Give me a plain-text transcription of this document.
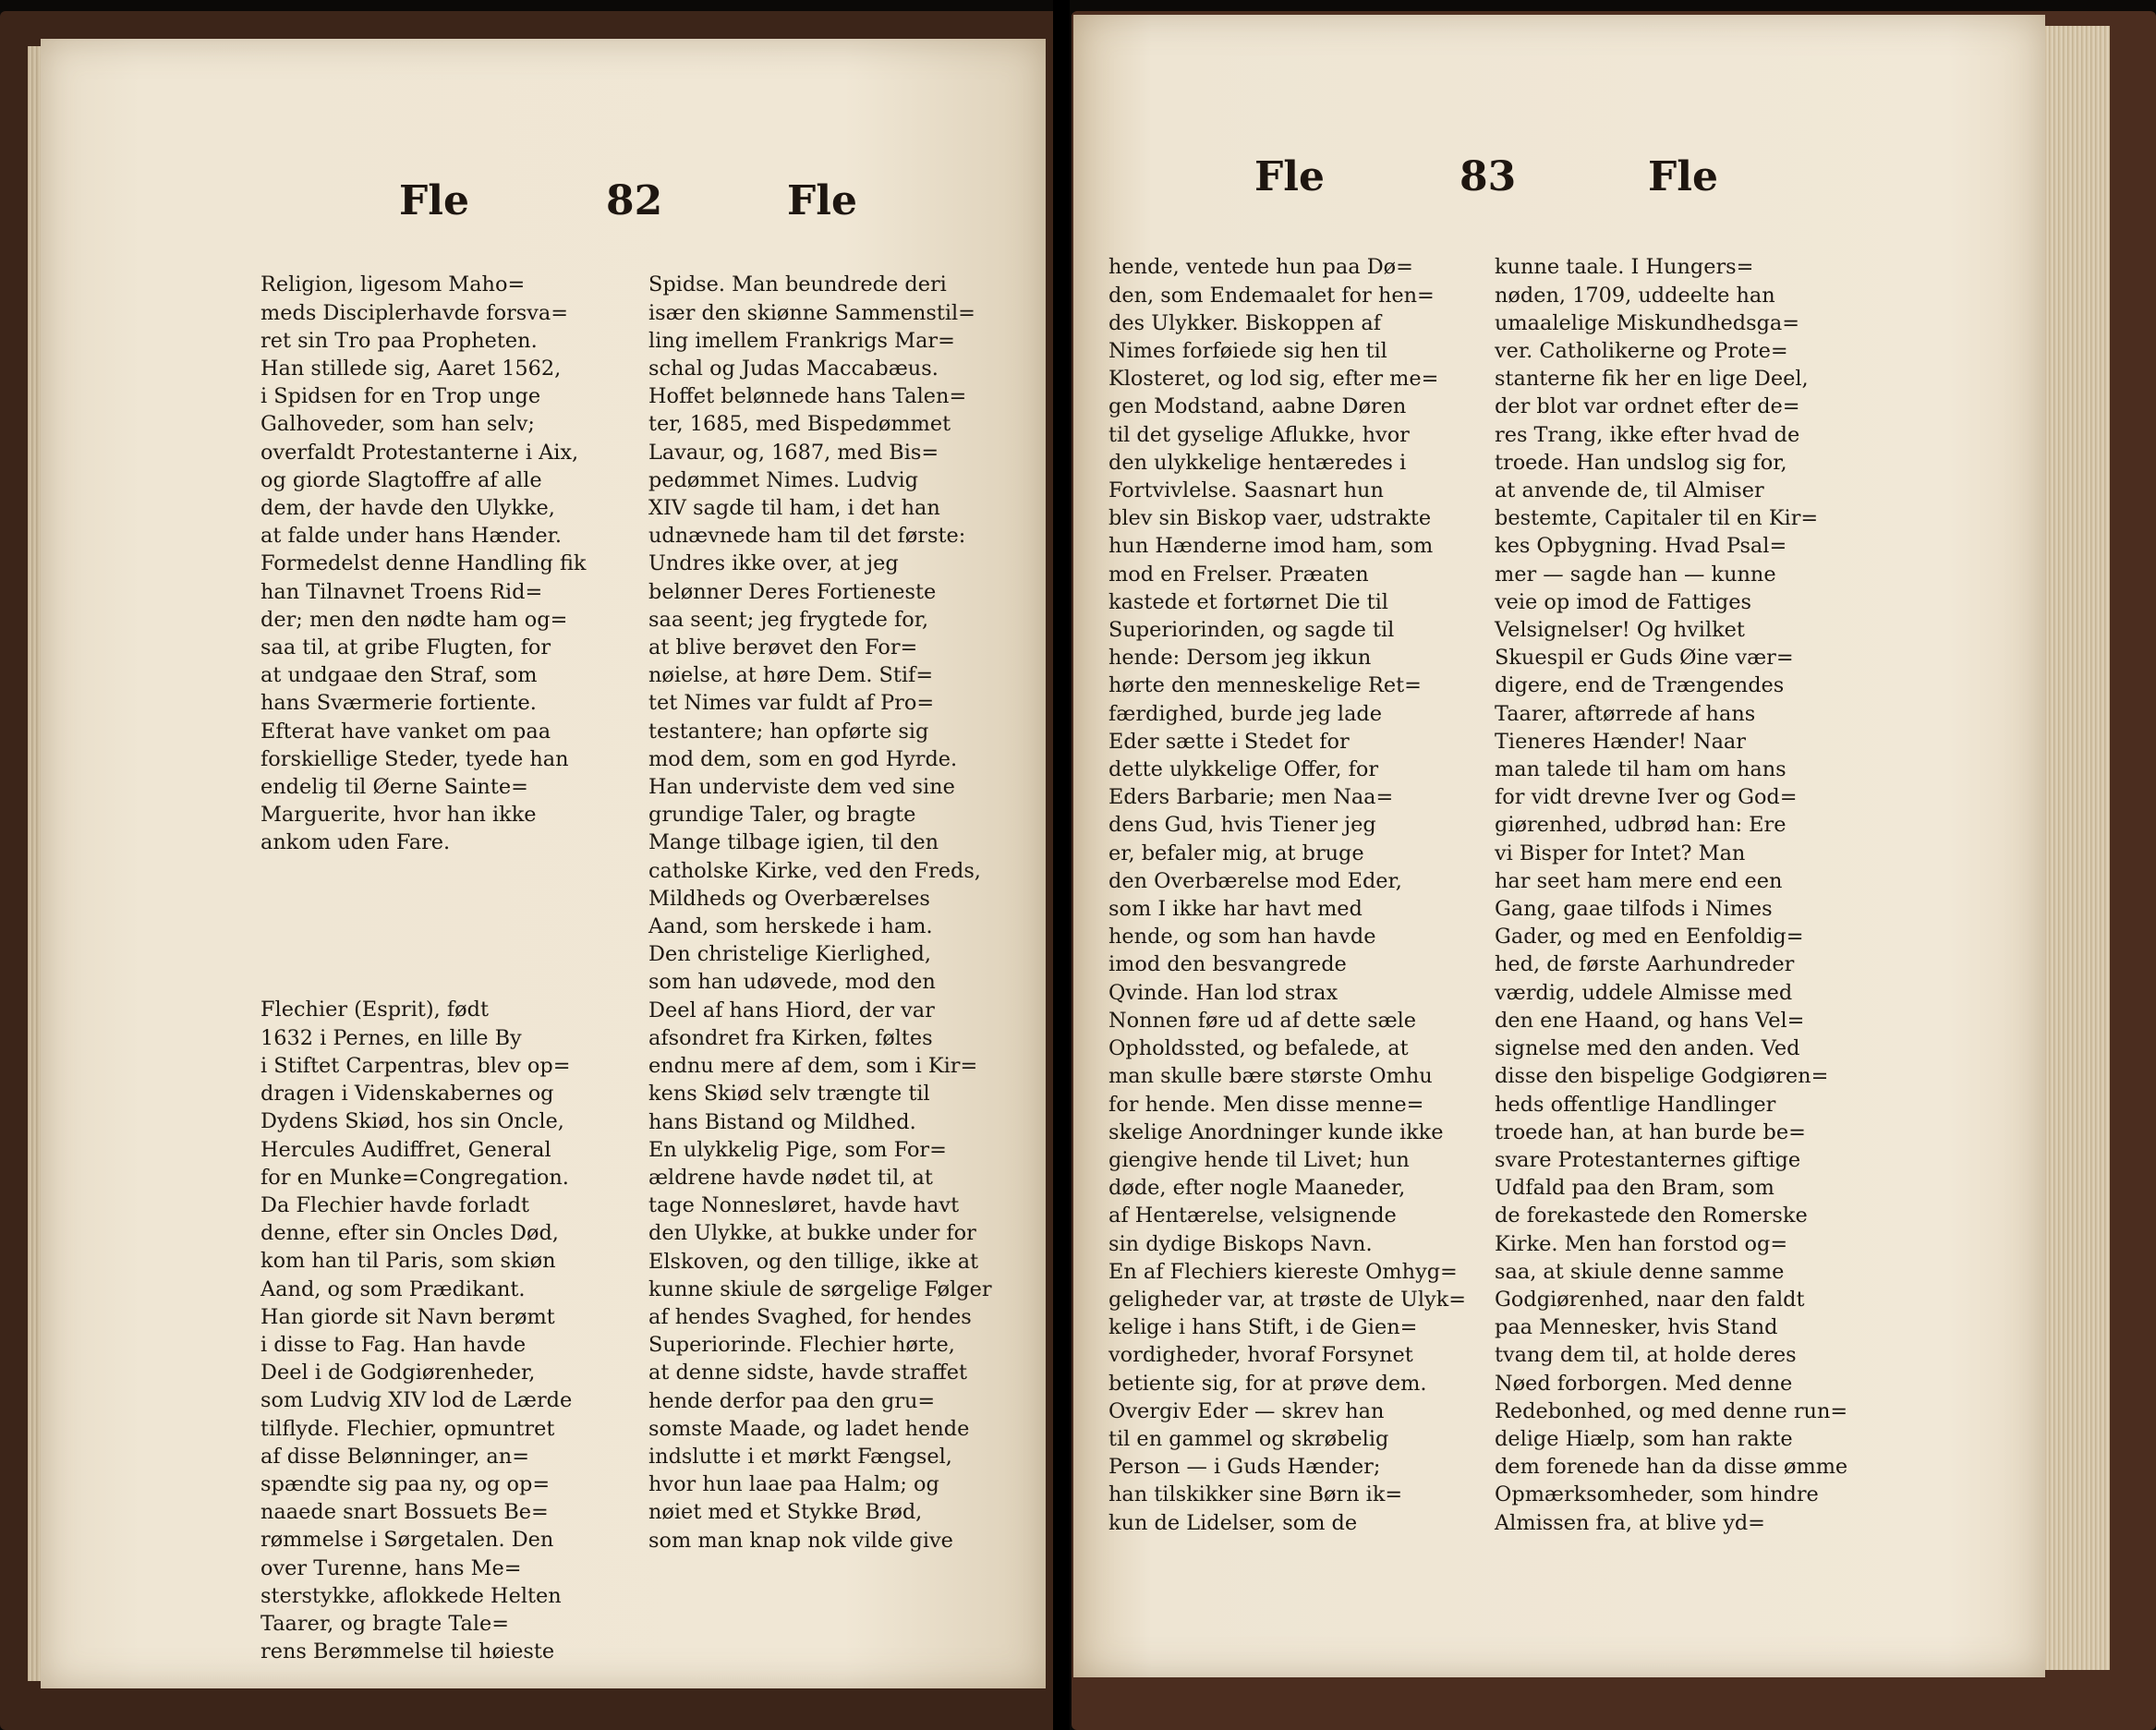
Fle	82	Fle

Religion, ligesom Maho=
meds Disciplerhavde forsva=
ret sin Tro paa Propheten.
Han stillede sig, Aaret 1562,
i Spidsen for en Trop unge
Galhoveder, som han selv;
overfaldt Protestanterne i Aix,
og giorde Slagtoffre af alle
dem, der havde den Ulykke,
at falde under hans Hænder.
Formedelst denne Handling fik
han Tilnavnet Troens Rid=
der; men den nødte ham og=
saa til, at gribe Flugten, for
at undgaae den Straf, som
hans Sværmerie fortiente.
Efterat have vanket om paa
forskiellige Steder, tyede han
endelig til Øerne Sainte=
Marguerite, hvor han ikke
ankom uden Fare.

Flechier (Esprit), født
1632 i Pernes, en lille By
i Stiftet Carpentras, blev op=
dragen i Videnskabernes og
Dydens Skiød, hos sin Oncle,
Hercules Audiffret, General
for en Munke=Congregation.
Da Flechier havde forladt
denne, efter sin Oncles Død,
kom han til Paris, som skiøn
Aand, og som Prædikant.
Han giorde sit Navn berømt
i disse to Fag. Han havde
Deel i de Godgiørenheder,
som Ludvig XIV lod de Lærde
tilflyde. Flechier, opmuntret
af disse Belønninger, an=
spændte sig paa ny, og op=
naaede snart Bossuets Be=
rømmelse i Sørgetalen. Den
over Turenne, hans Me=
sterstykke, aflokkede Helten
Taarer, og bragte Tale=
rens Berømmelse til høieste

Spidse. Man beundrede deri
især den skiønne Sammenstil=
ling imellem Frankrigs Mar=
schal og Judas Maccabæus.
Hoffet belønnede hans Talen=
ter, 1685, med Bispedømmet
Lavaur, og, 1687, med Bis=
pedømmet Nimes. Ludvig
XIV sagde til ham, i det han
udnævnede ham til det første:
Undres ikke over, at jeg
belønner Deres Fortieneste
saa seent; jeg frygtede for,
at blive berøvet den For=
nøielse, at høre Dem. Stif=
tet Nimes var fuldt af Pro=
testantere; han opførte sig
mod dem, som en god Hyrde.
Han underviste dem ved sine
grundige Taler, og bragte
Mange tilbage igien, til den
catholske Kirke, ved den Freds,
Mildheds og Overbærelses
Aand, som herskede i ham.
Den christelige Kierlighed,
som han udøvede, mod den
Deel af hans Hiord, der var
afsondret fra Kirken, føltes
endnu mere af dem, som i Kir=
kens Skiød selv trængte til
hans Bistand og Mildhed.
En ulykkelig Pige, som For=
ældrene havde nødet til, at
tage Nonnesløret, havde havt
den Ulykke, at bukke under for
Elskoven, og den tillige, ikke at
kunne skiule de sørgelige Følger
af hendes Svaghed, for hendes
Superiorinde. Flechier hørte,
at denne sidste, havde straffet
hende derfor paa den gru=
somste Maade, og ladet hende
indslutte i et mørkt Fængsel,
hvor hun laae paa Halm; og
nøiet med et Stykke Brød,
som man knap nok vilde give

Fle	83	Fle

hende, ventede hun paa Dø=
den, som Endemaalet for hen=
des Ulykker. Biskoppen af
Nimes forføiede sig hen til
Klosteret, og lod sig, efter me=
gen Modstand, aabne Døren
til det gyselige Aflukke, hvor
den ulykkelige hentæredes i
Fortvivlelse. Saasnart hun
blev sin Biskop vaer, udstrakte
hun Hænderne imod ham, som
mod en Frelser. Præaten
kastede et fortørnet Die til
Superiorinden, og sagde til
hende: Dersom jeg ikkun
hørte den menneskelige Ret=
færdighed, burde jeg lade
Eder sætte i Stedet for
dette ulykkelige Offer, for
Eders Barbarie; men Naa=
dens Gud, hvis Tiener jeg
er, befaler mig, at bruge
den Overbærelse mod Eder,
som I ikke har havt med
hende, og som han havde
imod den besvangrede
Qvinde. Han lod strax
Nonnen føre ud af dette sæle
Opholdssted, og befalede, at
man skulle bære største Omhu
for hende. Men disse menne=
skelige Anordninger kunde ikke
giengive hende til Livet; hun
døde, efter nogle Maaneder,
af Hentærelse, velsignende
sin dydige Biskops Navn.
En af Flechiers kiereste Omhyg=
geligheder var, at trøste de Ulyk=
kelige i hans Stift, i de Gien=
vordigheder, hvoraf Forsynet
betiente sig, for at prøve dem.
Overgiv Eder — skrev han
til en gammel og skrøbelig
Person — i Guds Hænder;
han tilskikker sine Børn ik=
kun de Lidelser, som de

kunne taale. I Hungers=
nøden, 1709, uddeelte han
umaalelige Miskundhedsga=
ver. Catholikerne og Prote=
stanterne fik her en lige Deel,
der blot var ordnet efter de=
res Trang, ikke efter hvad de
troede. Han undslog sig for,
at anvende de, til Almiser
bestemte, Capitaler til en Kir=
kes Opbygning. Hvad Psal=
mer — sagde han — kunne
veie op imod de Fattiges
Velsignelser! Og hvilket
Skuespil er Guds Øine vær=
digere, end de Trængendes
Taarer, aftørrede af hans
Tieneres Hænder! Naar
man talede til ham om hans
for vidt drevne Iver og God=
giørenhed, udbrød han: Ere
vi Bisper for Intet? Man
har seet ham mere end een
Gang, gaae tilfods i Nimes
Gader, og med en Eenfoldig=
hed, de første Aarhundreder
værdig, uddele Almisse med
den ene Haand, og hans Vel=
signelse med den anden. Ved
disse den bispelige Godgiøren=
heds offentlige Handlinger
troede han, at han burde be=
svare Protestanternes giftige
Udfald paa den Bram, som
de forekastede den Romerske
Kirke. Men han forstod og=
saa, at skiule denne samme
Godgiørenhed, naar den faldt
paa Mennesker, hvis Stand
tvang dem til, at holde deres
Nøed forborgen. Med denne
Redebonhed, og med denne run=
delige Hiælp, som han rakte
dem forenede han da disse ømme
Opmærksomheder, som hindre
Almissen fra, at blive yd=
